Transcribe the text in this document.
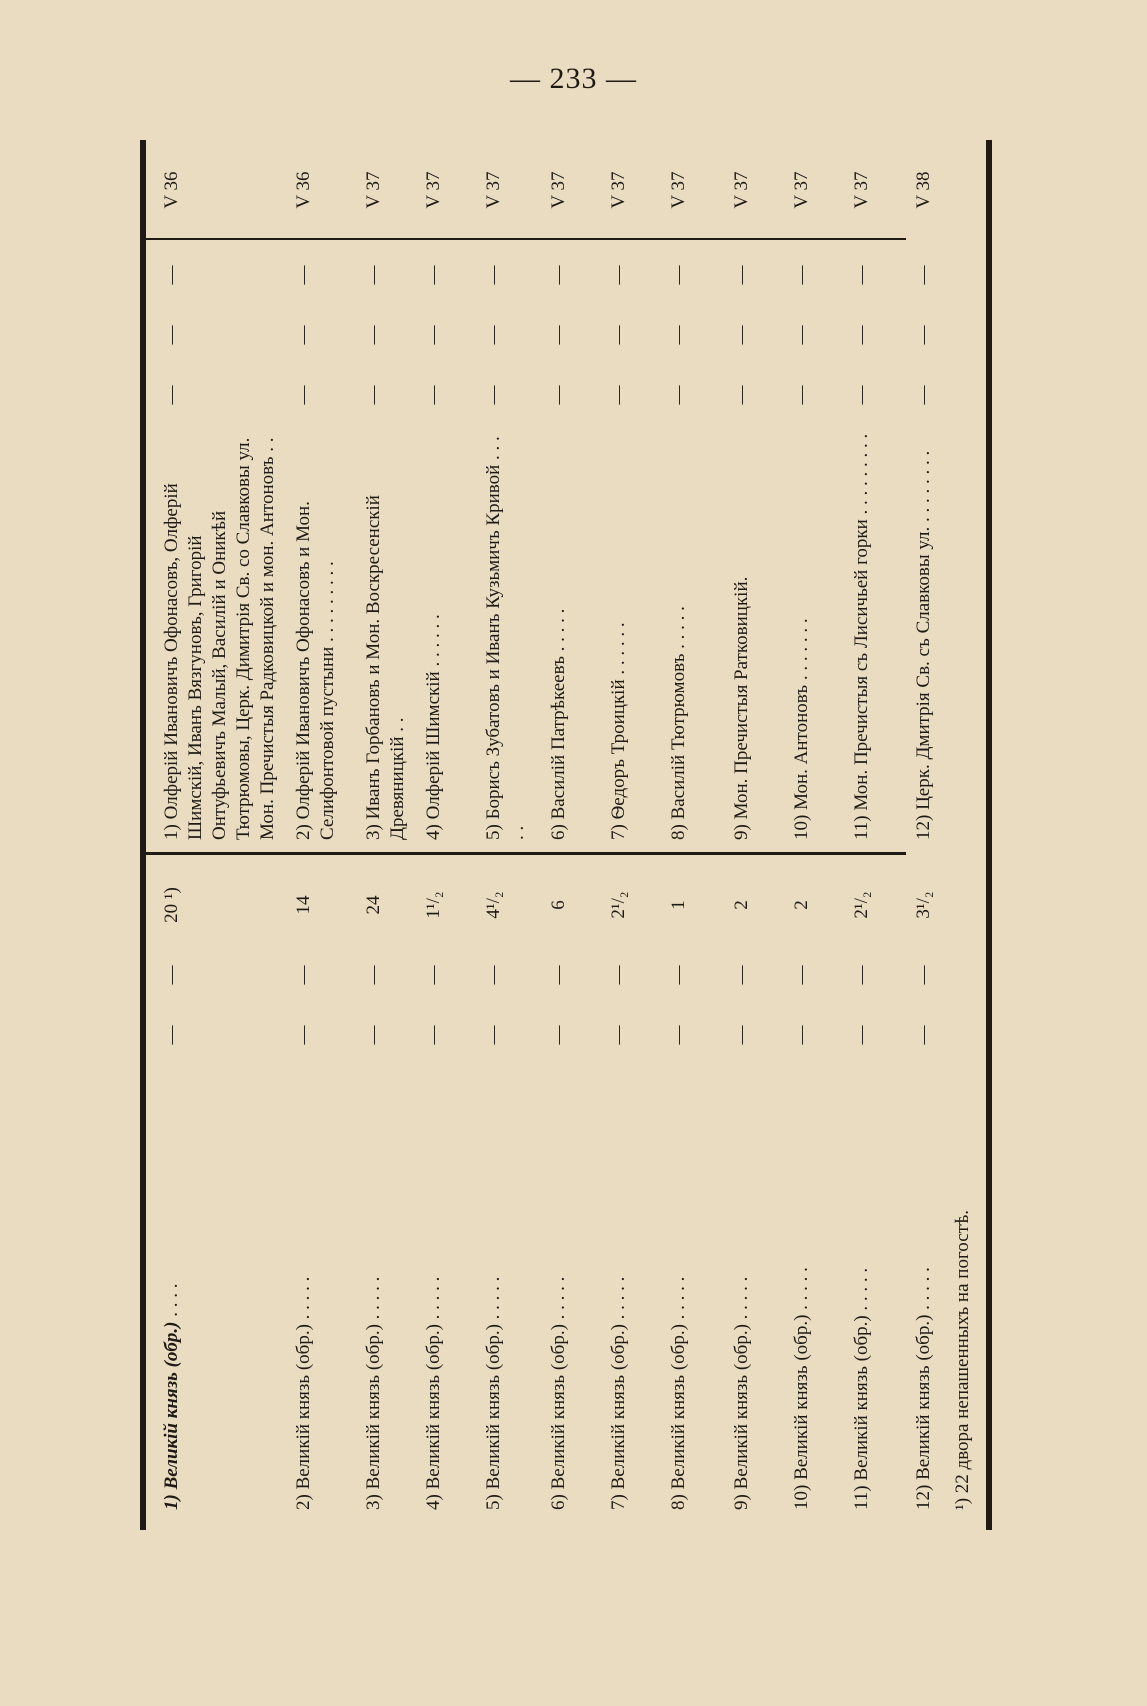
— 233 —
1) Великій князь (обр.) . . . .
—
—
20 ¹)
1) Олферій Ивановичъ Офонасовъ, Олферій Шимскій, Иванъ Вязгуновъ, Григорій Онтуфьевичъ Малый, Василій и Оникѣй Тютрюмовы, Церк. Димитрія Св. со Славковы ул. Мон. Пречистыя Радковицкой и мон. Антоновъ . .
—
—
—
V 36
2) Великій князь (обр.) . . . . .
—
—
14
2) Олферій Ивановичъ Офонасовъ и Мон. Селифонтовой пустыни . . . . . . . . .
—
—
—
V 36
3) Великій князь (обр.) . . . . .
—
—
24
3) Иванъ Горбановъ и Мон. Воскресенскій Древяницкій . .
—
—
—
V 37
4) Великій князь (обр.) . . . . .
—
—
1¹/₂
4) Олферій Шимскій . . . . . .
—
—
—
V 37
5) Великій князь (обр.) . . . . .
—
—
4¹/₂
5) Борисъ Зубатовъ и Иванъ Кузьмичъ Кривой . . . . .
—
—
—
V 37
6) Великій князь (обр.) . . . . .
—
—
6
6) Василій Патрѣкеевъ . . . . .
—
—
—
V 37
7) Великій князь (обр.) . . . . .
—
—
2¹/₂
7) Ѳедоръ Троицкій . . . . . .
—
—
—
V 37
8) Великій князь (обр.) . . . . .
—
—
1
8) Василій Тютрюмовъ . . . . .
—
—
—
V 37
9) Великій князь (обр.) . . . . .
—
—
2
9) Мон. Пречистыя Ратковицкій.
—
—
—
V 37
10) Великій князь (обр.) . . . . .
—
—
2
10) Мон. Антоновъ . . . . . . .
—
—
—
V 37
11) Великій князь (обр.) . . . . .
—
—
2¹/₂
11) Мон. Пречистыя съ Лисичьей горки . . . . . . . . .
—
—
—
V 37
12) Великій князь (обр.) . . . . .
—
—
3¹/₂
12) Церк. Дмитрія Св. съ Славковы ул. . . . . . . . .
—
—
—
V 38
¹) 22 двора непашенныхъ на погостѣ.
